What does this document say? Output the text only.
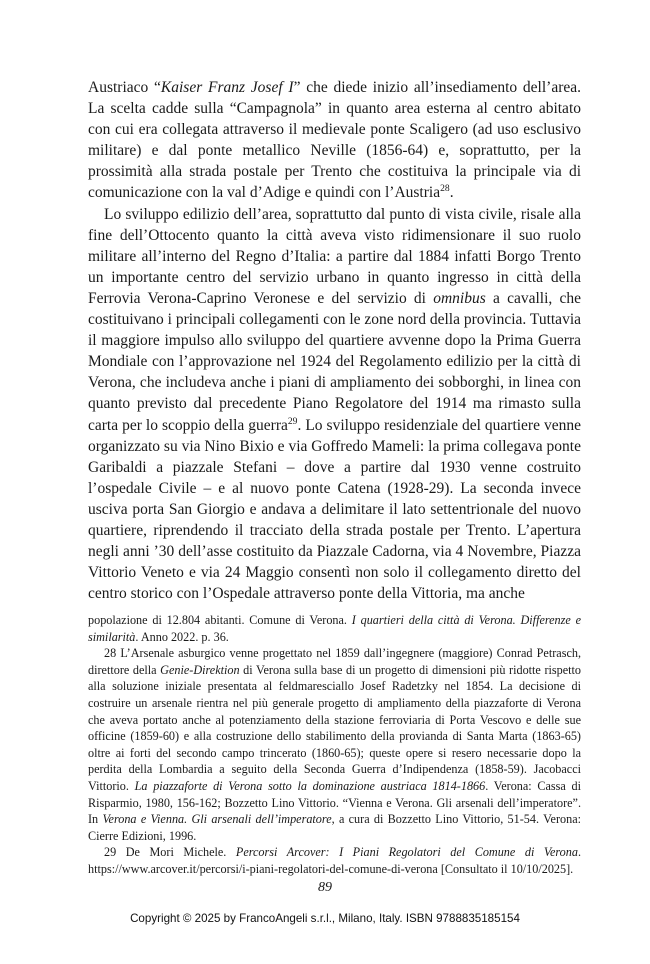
Austriaco “Kaiser Franz Josef I” che diede inizio all’insediamento dell’area. La scelta cadde sulla “Campagnola” in quanto area esterna al centro abitato con cui era collegata attraverso il medievale ponte Scaligero (ad uso esclusivo militare) e dal ponte metallico Neville (1856-64) e, soprattutto, per la prossimità alla strada postale per Trento che costituiva la principale via di comunicazione con la val d’Adige e quindi con l’Austria$^{28}$.

Lo sviluppo edilizio dell’area, soprattutto dal punto di vista civile, risale alla fine dell’Ottocento quanto la città aveva visto ridimensionare il suo ruolo militare all’interno del Regno d’Italia: a partire dal 1884 infatti Borgo Trento un importante centro del servizio urbano in quanto ingresso in città della Ferrovia Verona-Caprino Veronese e del servizio di omnibus a cavalli, che costituivano i principali collegamenti con le zone nord della provincia. Tuttavia il maggiore impulso allo sviluppo del quartiere avvenne dopo la Prima Guerra Mondiale con l’approvazione nel 1924 del Regolamento edilizio per la città di Verona, che includeva anche i piani di ampliamento dei sobborghi, in linea con quanto previsto dal precedente Piano Regolatore del 1914 ma rimasto sulla carta per lo scoppio della guerra$^{29}$. Lo sviluppo residenziale del quartiere venne organizzato su via Nino Bixio e via Goffredo Mameli: la prima collegava ponte Garibaldi a piazzale Stefani – dove a partire dal 1930 venne costruito l’ospedale Civile – e al nuovo ponte Catena (1928-29). La seconda invece usciva porta San Giorgio e andava a delimitare il lato settentrionale del nuovo quartiere, riprendendo il tracciato della strada postale per Trento. L’apertura negli anni ’30 dell’asse costituito da Piazzale Cadorna, via 4 Novembre, Piazza Vittorio Veneto e via 24 Maggio consentì non solo il collegamento diretto del centro storico con l’Ospedale attraverso ponte della Vittoria, ma anche

popolazione di 12.804 abitanti. Comune di Verona. I quartieri della città di Verona. Differenze e similarità. Anno 2022. p. 36.

28 L’Arsenale asburgico venne progettato nel 1859 dall’ingegnere (maggiore) Conrad Petrasch, direttore della Genie-Direktion di Verona sulla base di un progetto di dimensioni più ridotte rispetto alla soluzione iniziale presentata al feldmaresciallo Josef Radetzky nel 1854. La decisione di costruire un arsenale rientra nel più generale progetto di ampliamento della piazzaforte di Verona che aveva portato anche al potenziamento della stazione ferroviaria di Porta Vescovo e delle sue officine (1859-60) e alla costruzione dello stabilimento della provianda di Santa Marta (1863-65) oltre ai forti del secondo campo trincerato (1860-65); queste opere si resero necessarie dopo la perdita della Lombardia a seguito della Seconda Guerra d’Indipendenza (1858-59). Jacobacci Vittorio. La piazzaforte di Verona sotto la dominazione austriaca 1814-1866. Verona: Cassa di Risparmio, 1980, 156-162; Bozzetto Lino Vittorio. “Vienna e Verona. Gli arsenali dell’imperatore”. In Verona e Vienna. Gli arsenali dell’imperatore, a cura di Bozzetto Lino Vittorio, 51-54. Verona: Cierre Edizioni, 1996.

29 De Mori Michele. Percorsi Arcover: I Piani Regolatori del Comune di Verona. https://www.arcover.it/percorsi/i-piani-regolatori-del-comune-di-verona [Consultato il 10/10/2025].

89
Copyright © 2025 by FrancoAngeli s.r.l., Milano, Italy. ISBN 9788835185154
